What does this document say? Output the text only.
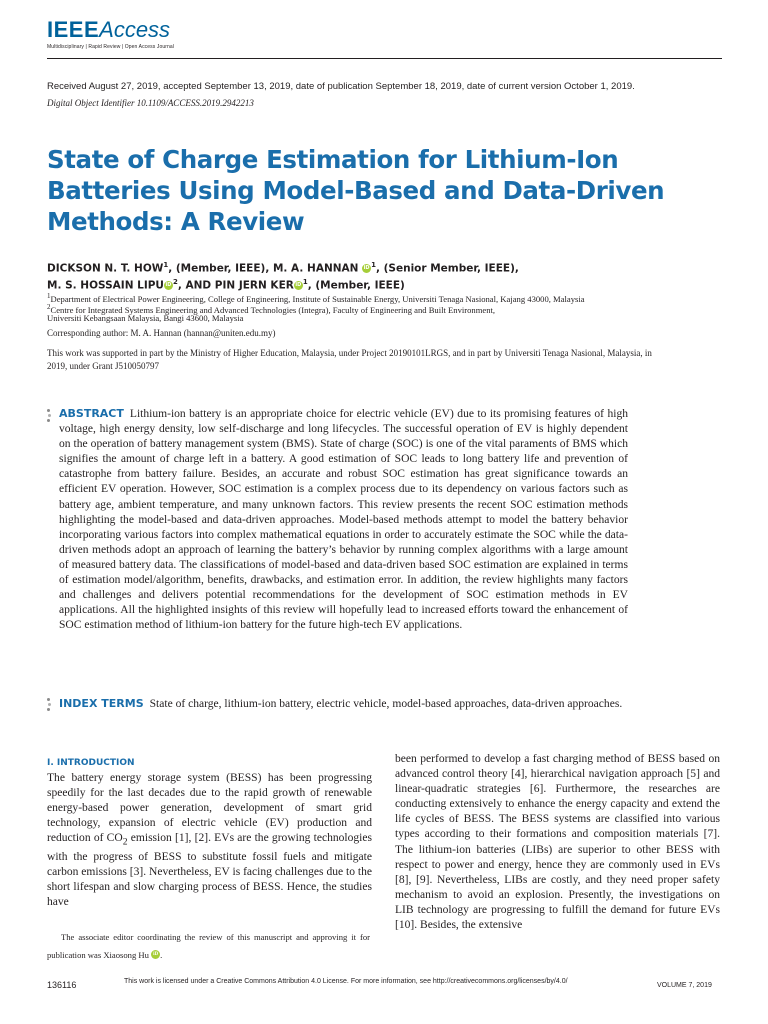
IEEEAccess
Multidisciplinary | Rapid Review | Open Access Journal
Received August 27, 2019, accepted September 13, 2019, date of publication September 18, 2019, date of current version October 1, 2019.
Digital Object Identifier 10.1109/ACCESS.2019.2942213
State of Charge Estimation for Lithium-Ion Batteries Using Model-Based and Data-Driven Methods: A Review
DICKSON N. T. HOW$^1$, (Member, IEEE), M. A. HANNAN iD $^1$, (Senior Member, IEEE),
M. S. HOSSAIN LIPU iD $^2$, AND PIN JERN KER iD $^1$, (Member, IEEE)
$^1$Department of Electrical Power Engineering, College of Engineering, Institute of Sustainable Energy, Universiti Tenaga Nasional, Kajang 43000, Malaysia
$^2$Centre for Integrated Systems Engineering and Advanced Technologies (Integra), Faculty of Engineering and Built Environment,
Universiti Kebangsaan Malaysia, Bangi 43600, Malaysia
Corresponding author: M. A. Hannan (hannan@uniten.edu.my)
This work was supported in part by the Ministry of Higher Education, Malaysia, under Project 20190101LRGS, and in part by Universiti Tenaga Nasional, Malaysia, in 2019, under Grant J510050797
ABSTRACT Lithium-ion battery is an appropriate choice for electric vehicle (EV) due to its promising features of high voltage, high energy density, low self-discharge and long lifecycles. The successful operation of EV is highly dependent on the operation of battery management system (BMS). State of charge (SOC) is one of the vital paraments of BMS which signifies the amount of charge left in a battery. A good estimation of SOC leads to long battery life and prevention of catastrophe from battery failure. Besides, an accurate and robust SOC estimation has great significance towards an efficient EV operation. However, SOC estimation is a complex process due to its dependency on various factors such as battery age, ambient temperature, and many unknown factors. This review presents the recent SOC estimation methods highlighting the model-based and data-driven approaches. Model-based methods attempt to model the battery behavior incorporating various factors into complex mathematical equations in order to accurately estimate the SOC while the data-driven methods adopt an approach of learning the battery’s behavior by running complex algorithms with a large amount of measured battery data. The classifications of model-based and data-driven based SOC estimation are explained in terms of estimation model/algorithm, benefits, drawbacks, and estimation error. In addition, the review highlights many factors and challenges and delivers potential recommendations for the development of SOC estimation methods in EV applications. All the highlighted insights of this review will hopefully lead to increased efforts toward the enhancement of SOC estimation method of lithium-ion battery for the future high-tech EV applications.
INDEX TERMS State of charge, lithium-ion battery, electric vehicle, model-based approaches, data-driven approaches.
I. INTRODUCTION
The battery energy storage system (BESS) has been progressing speedily for the last decades due to the rapid growth of renewable energy-based power generation, development of smart grid technology, expansion of electric vehicle (EV) production and reduction of $CO_2$ emission [1], [2]. EVs are the growing technologies with the progress of BESS to substitute fossil fuels and mitigate carbon emissions [3]. Nevertheless, EV is facing challenges due to the short lifespan and slow charging process of BESS. Hence, the studies have
been performed to develop a fast charging method of BESS based on advanced control theory [4], hierarchical navigation approach [5] and linear-quadratic strategies [6]. Furthermore, the researches are conducting extensively to enhance the energy capacity and extend the life cycles of BESS. The BESS systems are classified into various types according to their formations and composition materials [7]. The lithium-ion batteries (LIBs) are superior to other BESS with respect to power and energy, hence they are commonly used in EVs [8], [9]. Nevertheless, LIBs are costly, and they need proper safety mechanism to avoid an explosion. Presently, the investigations on LIB technology are progressing to fulfill the demand for future EVs [10]. Besides, the extensive
The associate editor coordinating the review of this manuscript and approving it for publication was Xiaosong Hu iD .
136116	This work is licensed under a Creative Commons Attribution 4.0 License. For more information, see http://creativecommons.org/licenses/by/4.0/
VOLUME 7, 2019
